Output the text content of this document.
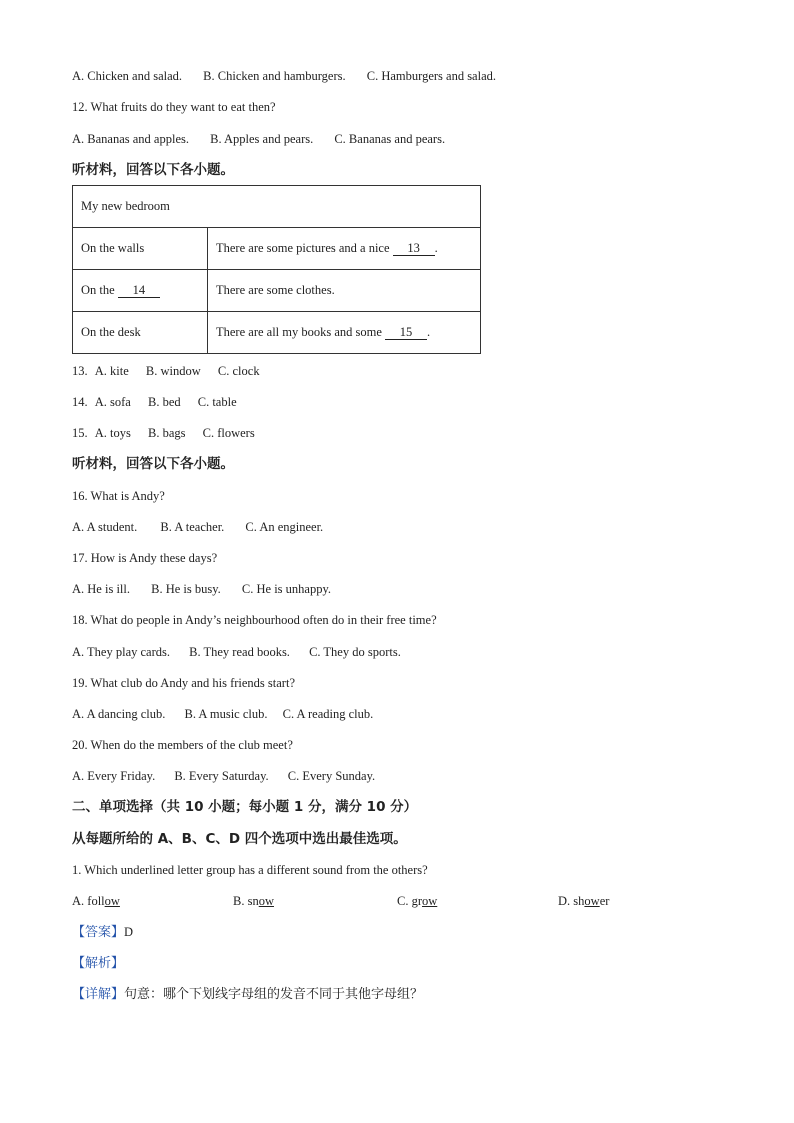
A. Chicken and salad. B. Chicken and hamburgers. C. Hamburgers and salad.
12. What fruits do they want to eat then?
A. Bananas and apples. B. Apples and pears. C. Bananas and pears.
听材料，回答以下各小题。
My new bedroom	
On the walls	There are some pictures and a nice 13 .
On the 14	There are some clothes.
On the desk	There are all my books and some 15 .
13. A. kite B. window C. clock
14. A. sofa B. bed C. table
15. A. toys B. bags C. flowers
听材料，回答以下各小题。
16. What is Andy?
A. A student. B. A teacher. C. An engineer.
17. How is Andy these days?
A. He is ill. B. He is busy. C. He is unhappy.
18. What do people in Andy’s neighbourhood often do in their free time?
A. They play cards. B. They read books. C. They do sports.
19. What club do Andy and his friends start?
A. A dancing club. B. A music club. C. A reading club.
20. When do the members of the club meet?
A. Every Friday. B. Every Saturday. C. Every Sunday.
二、单项选择（共 10 小题；每小题 1 分，满分 10 分）
从每题所给的 A、B、C、D 四个选项中选出最佳选项。
1. Which underlined letter group has a different sound from the others?
A. follow	B. snow	C. grow	D. shower
【答案】D
【解析】
【详解】句意：哪个下划线字母组的发音不同于其他字母组？
